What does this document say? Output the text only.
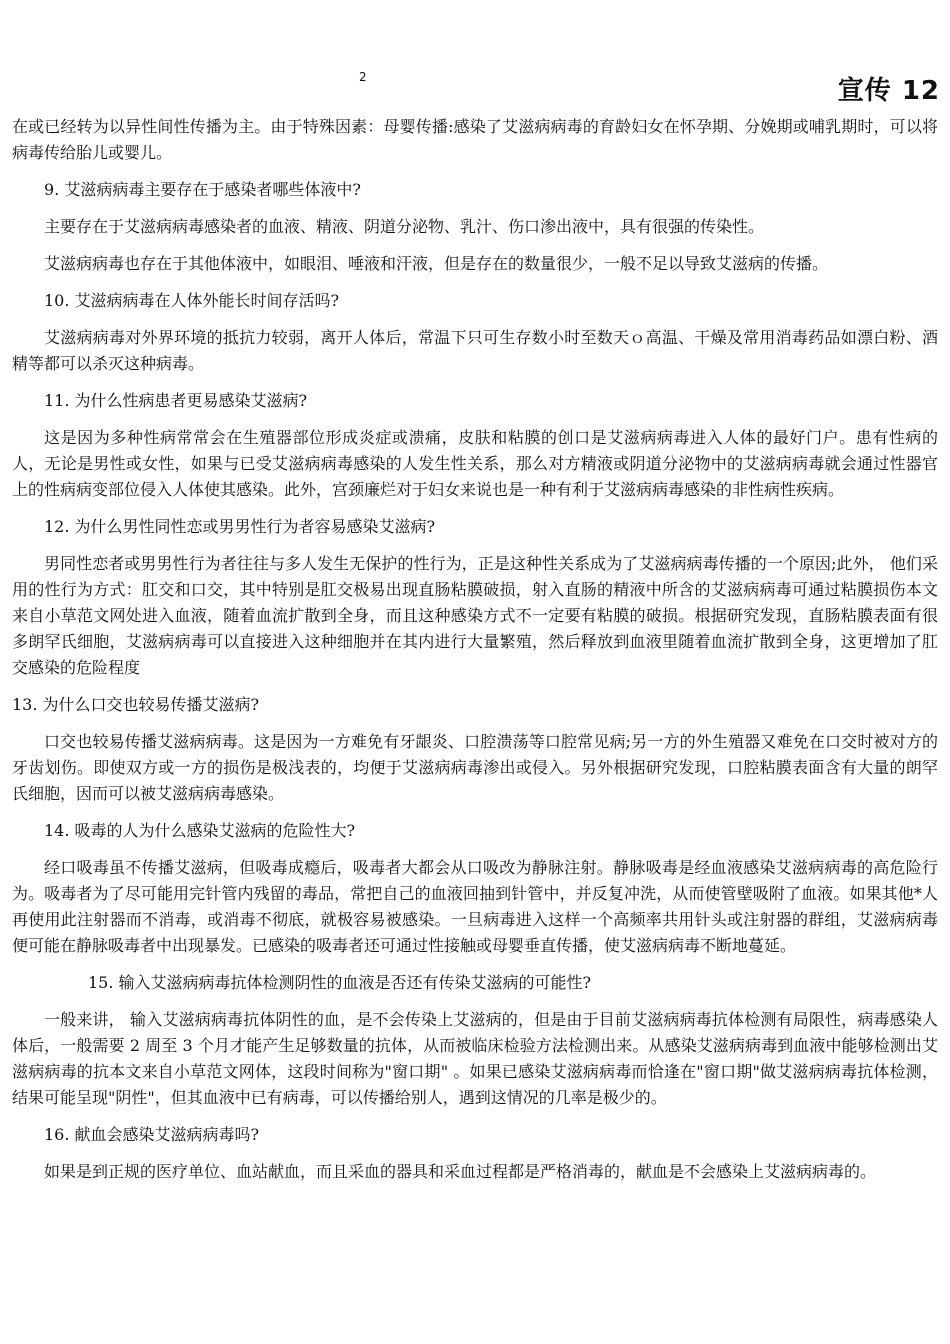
2	宣传 12

在或已经转为以异性间性传播为主。由于特殊因素：母婴传播:感染了艾滋病病毒的育龄妇女在怀孕期、分娩期或哺乳期时，可以将病毒传给胎儿或婴儿。

9. 艾滋病病毒主要存在于感染者哪些体液中?

主要存在于艾滋病病毒感染者的血液、精液、阴道分泌物、乳汁、伤口渗出液中，具有很强的传染性。

艾滋病病毒也存在于其他体液中，如眼泪、唾液和汗液，但是存在的数量很少，一般不足以导致艾滋病的传播。

10. 艾滋病病毒在人体外能长时间存活吗?

艾滋病病毒对外界环境的抵抗力较弱，离开人体后，常温下只可生存数小时至数天ｏ高温、干燥及常用消毒药品如漂白粉、酒精等都可以杀灭这种病毒。

11. 为什么性病患者更易感染艾滋病?

这是因为多种性病常常会在生殖器部位形成炎症或溃痛，皮肤和粘膜的创口是艾滋病病毒进入人体的最好门户。患有性病的人，无论是男性或女性，如果与已受艾滋病病毒感染的人发生性关系，那么对方精液或阴道分泌物中的艾滋病病毒就会通过性器官上的性病病变部位侵入人体使其感染。此外，宫颈廉烂对于妇女来说也是一种有利于艾滋病病毒感染的非性病性疾病。

12. 为什么男性同性恋或男男性行为者容易感染艾滋病?

男同性恋者或男男性行为者往往与多人发生无保护的性行为，正是这种性关系成为了艾滋病病毒传播的一个原因;此外， 他们采用的性行为方式：肛交和口交，其中特别是肛交极易出现直肠粘膜破损，射入直肠的精液中所含的艾滋病病毒可通过粘膜损伤本文来自小草范文网处进入血液，随着血流扩散到全身，而且这种感染方式不一定要有粘膜的破损。根据研究发现，直肠粘膜表面有很多朗罕氏细胞，艾滋病病毒可以直接进入这种细胞并在其内进行大量繁殖，然后释放到血液里随着血流扩散到全身，这更增加了肛交感染的危险程度

13. 为什么口交也较易传播艾滋病?

口交也较易传播艾滋病病毒。这是因为一方难免有牙龈炎、口腔溃荡等口腔常见病;另一方的外生殖器又难免在口交时被对方的牙齿划伤。即使双方或一方的损伤是极浅表的，均便于艾滋病病毒渗出或侵入。另外根据研究发现，口腔粘膜表面含有大量的朗罕氏细胞，因而可以被艾滋病病毒感染。

14. 吸毒的人为什么感染艾滋病的危险性大?

经口吸毒虽不传播艾滋病，但吸毒成瘾后，吸毒者大都会从口吸改为静脉注射。静脉吸毒是经血液感染艾滋病病毒的高危险行为。吸毒者为了尽可能用完针管内残留的毒品，常把自己的血液回抽到针管中，并反复冲洗，从而使管壁吸附了血液。如果其他*人再使用此注射器而不消毒，或消毒不彻底，就极容易被感染。一旦病毒进入这样一个高频率共用针头或注射器的群组，艾滋病病毒便可能在静脉吸毒者中出现暴发。已感染的吸毒者还可通过性接触或母婴垂直传播，使艾滋病病毒不断地蔓延。

15. 输入艾滋病病毒抗体检测阴性的血液是否还有传染艾滋病的可能性?

一般来讲， 输入艾滋病病毒抗体阴性的血，是不会传染上艾滋病的，但是由于目前艾滋病病毒抗体检测有局限性，病毒感染人体后，一般需要 2 周至 3 个月才能产生足够数量的抗体，从而被临床检验方法检测出来。从感染艾滋病病毒到血液中能够检测出艾滋病病毒的抗本文来自小草范文网体，这段时间称为"窗口期" 。如果已感染艾滋病病毒而恰逢在"窗口期"做艾滋病病毒抗体检测，结果可能呈现"阴性"，但其血液中已有病毒，可以传播给别人，遇到这情况的几率是极少的。

16. 献血会感染艾滋病病毒吗?

如果是到正规的医疗单位、血站献血，而且采血的器具和采血过程都是严格消毒的，献血是不会感染上艾滋病病毒的。
